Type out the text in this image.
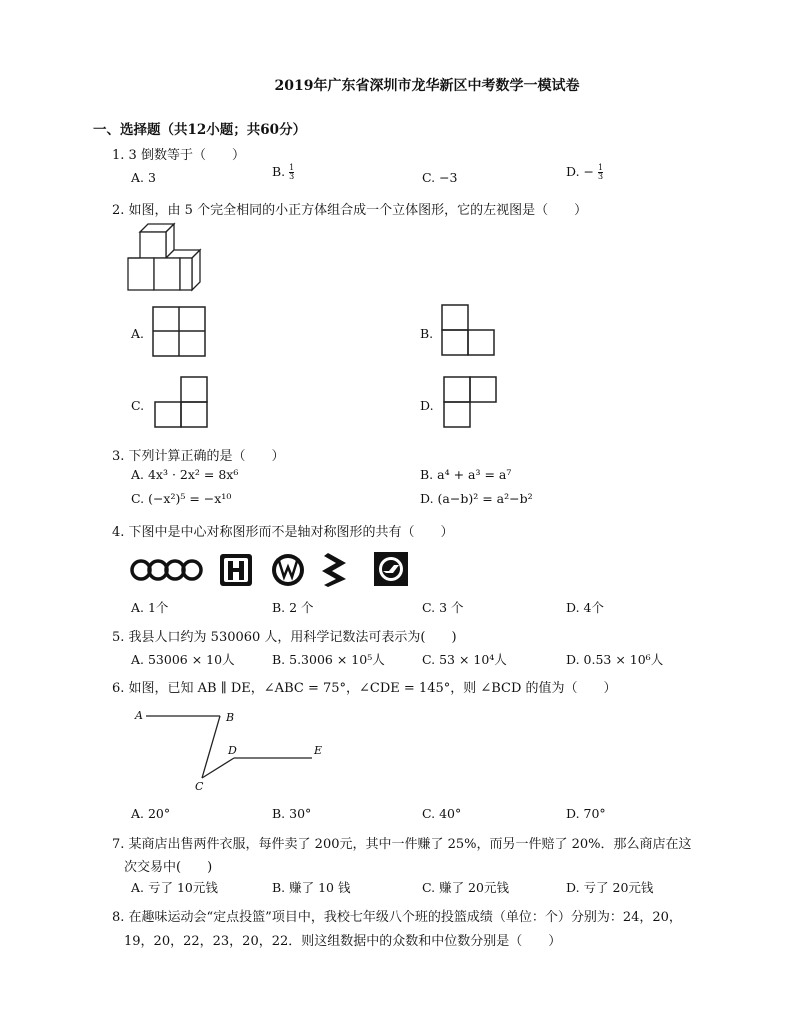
2019年广东省深圳市龙华新区中考数学一模试卷
一、选择题（共12小题；共60分）
1. 3 倒数等于（　　）
A. 3	B. $\frac{1}{3}$	C. −3	D. − $\frac{1}{3}$
2. 如图，由 5 个完全相同的小正方体组合成一个立体图形，它的左视图是（　　）
A.	B.
C.	D.
3. 下列计算正确的是（　　）
A. 4x³ · 2x² = 8x⁶	B. a⁴ + a³ = a⁷
C. (−x²)⁵ = −x¹⁰	D. (a−b)² = a²−b²
4. 下图中是中心对称图形而不是轴对称图形的共有（　　）
A. 1个	B. 2 个	C. 3 个	D. 4个
5. 我县人口约为 530060 人，用科学记数法可表示为(　　)
A. 53006 × 10人	B. 5.3006 × 10⁵人	C. 53 × 10⁴人	D. 0.53 × 10⁶人
6. 如图，已知 AB ∥ DE，∠ABC = 75°，∠CDE = 145°，则 ∠BCD 的值为（　　）
A	B
D	E
C
A. 20°	B. 30°	C. 40°	D. 70°
7. 某商店出售两件衣服，每件卖了 200元，其中一件赚了 25%，而另一件赔了 20%．那么商店在这
次交易中(　　)
A. 亏了 10元钱	B. 赚了 10 钱	C. 赚了 20元钱	D. 亏了 20元钱
8. 在趣味运动会“定点投篮”项目中，我校七年级八个班的投篮成绩（单位：个）分别为：24，20，
19，20，22，23，20，22．则这组数据中的众数和中位数分别是（　　）
